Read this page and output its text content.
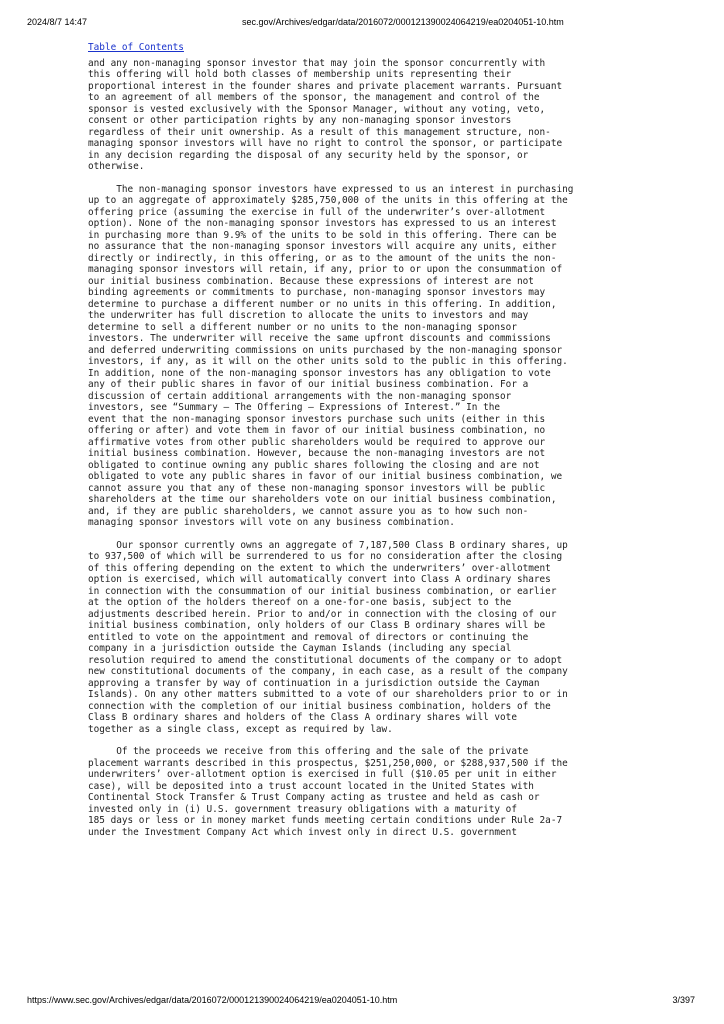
2024/8/7 14:47	sec.gov/Archives/edgar/data/2016072/000121390024064219/ea0204051-10.htm
Table of Contents

and any non-managing sponsor investor that may join the sponsor concurrently with
this offering will hold both classes of membership units representing their
proportional interest in the founder shares and private placement warrants. Pursuant
to an agreement of all members of the sponsor, the management and control of the
sponsor is vested exclusively with the Sponsor Manager, without any voting, veto,
consent or other participation rights by any non-managing sponsor investors
regardless of their unit ownership. As a result of this management structure, non-
managing sponsor investors will have no right to control the sponsor, or participate
in any decision regarding the disposal of any security held by the sponsor, or
otherwise.

The non-managing sponsor investors have expressed to us an interest in purchasing
up to an aggregate of approximately $285,750,000 of the units in this offering at the
offering price (assuming the exercise in full of the underwriter’s over-allotment
option). None of the non-managing sponsor investors has expressed to us an interest
in purchasing more than 9.9% of the units to be sold in this offering. There can be
no assurance that the non-managing sponsor investors will acquire any units, either
directly or indirectly, in this offering, or as to the amount of the units the non-
managing sponsor investors will retain, if any, prior to or upon the consummation of
our initial business combination. Because these expressions of interest are not
binding agreements or commitments to purchase, non-managing sponsor investors may
determine to purchase a different number or no units in this offering. In addition,
the underwriter has full discretion to allocate the units to investors and may
determine to sell a different number or no units to the non-managing sponsor
investors. The underwriter will receive the same upfront discounts and commissions
and deferred underwriting commissions on units purchased by the non-managing sponsor
investors, if any, as it will on the other units sold to the public in this offering.
In addition, none of the non-managing sponsor investors has any obligation to vote
any of their public shares in favor of our initial business combination. For a
discussion of certain additional arrangements with the non-managing sponsor
investors, see “Summary — The Offering — Expressions of Interest.” In the
event that the non-managing sponsor investors purchase such units (either in this
offering or after) and vote them in favor of our initial business combination, no
affirmative votes from other public shareholders would be required to approve our
initial business combination. However, because the non-managing investors are not
obligated to continue owning any public shares following the closing and are not
obligated to vote any public shares in favor of our initial business combination, we
cannot assure you that any of these non-managing sponsor investors will be public
shareholders at the time our shareholders vote on our initial business combination,
and, if they are public shareholders, we cannot assure you as to how such non-
managing sponsor investors will vote on any business combination.

Our sponsor currently owns an aggregate of 7,187,500 Class B ordinary shares, up
to 937,500 of which will be surrendered to us for no consideration after the closing
of this offering depending on the extent to which the underwriters’ over-allotment
option is exercised, which will automatically convert into Class A ordinary shares
in connection with the consummation of our initial business combination, or earlier
at the option of the holders thereof on a one-for-one basis, subject to the
adjustments described herein. Prior to and/or in connection with the closing of our
initial business combination, only holders of our Class B ordinary shares will be
entitled to vote on the appointment and removal of directors or continuing the
company in a jurisdiction outside the Cayman Islands (including any special
resolution required to amend the constitutional documents of the company or to adopt
new constitutional documents of the company, in each case, as a result of the company
approving a transfer by way of continuation in a jurisdiction outside the Cayman
Islands). On any other matters submitted to a vote of our shareholders prior to or in
connection with the completion of our initial business combination, holders of the
Class B ordinary shares and holders of the Class A ordinary shares will vote
together as a single class, except as required by law.

Of the proceeds we receive from this offering and the sale of the private
placement warrants described in this prospectus, $251,250,000, or $288,937,500 if the
underwriters’ over-allotment option is exercised in full ($10.05 per unit in either
case), will be deposited into a trust account located in the United States with
Continental Stock Transfer & Trust Company acting as trustee and held as cash or
invested only in (i) U.S. government treasury obligations with a maturity of
185 days or less or in money market funds meeting certain conditions under Rule 2a-7
under the Investment Company Act which invest only in direct U.S. government

https://www.sec.gov/Archives/edgar/data/2016072/000121390024064219/ea0204051-10.htm	3/397
